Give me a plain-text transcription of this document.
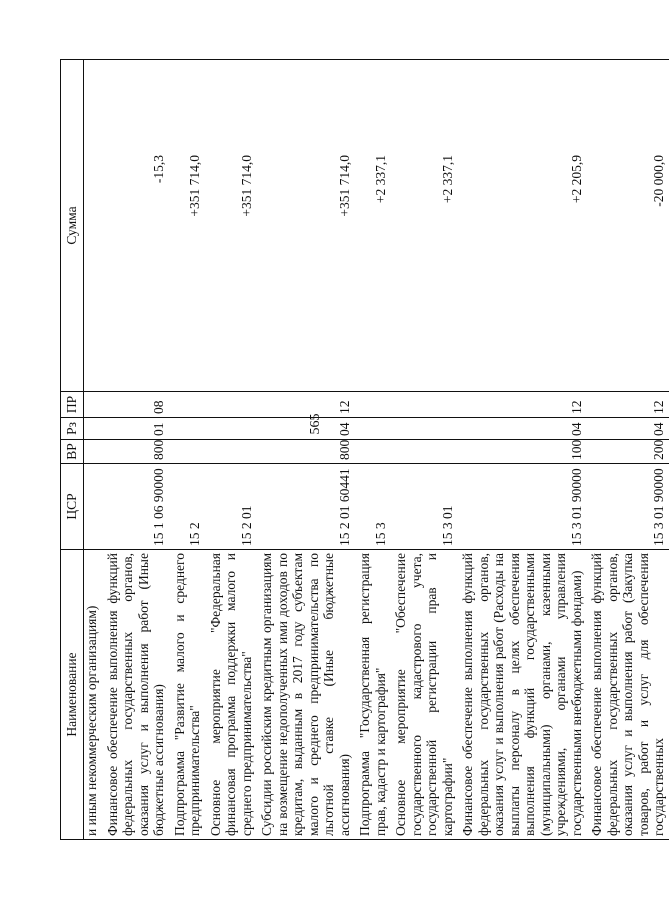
565
Наименование	ЦСР	ВР	Рз	ПР	Сумма
и иным некоммерческим организациям)					
Финансовое обеспечение выполнения функций федеральных государственных органов, оказания услуг и выполнения работ (Иные бюджетные ассигнования)	15 1 06 90000	800	01	08	-15,3
Подпрограмма "Развитие малого и среднего предпринимательства"	15 2				+351 714,0
Основное мероприятие "Федеральная финансовая программа поддержки малого и среднего предпринимательства"	15 2 01				+351 714,0
Субсидии российским кредитным организациям на возмещение недополученных ими доходов по кредитам, выданным в 2017 году субъектам малого и среднего предпринимательства по льготной ставке (Иные бюджетные ассигнования)	15 2 01 60441	800	04	12	+351 714,0
Подпрограмма "Государственная регистрация прав, кадастр и картография"	15 3				+2 337,1
Основное мероприятие "Обеспечение государственного кадастрового учета, государственной регистрации прав и картографии"	15 3 01				+2 337,1
Финансовое обеспечение выполнения функций федеральных государственных органов, оказания услуг и выполнения работ (Расходы на выплаты персоналу в целях обеспечения выполнения функций государственными (муниципальными) органами, казенными учреждениями, органами управления государственными внебюджетными фондами)	15 3 01 90000	100	04	12	+2 205,9
Финансовое обеспечение выполнения функций федеральных государственных органов, оказания услуг и выполнения работ (Закупка товаров, работ и услуг для обеспечения государственных	15 3 01 90000	200	04	12	-20 000,0
